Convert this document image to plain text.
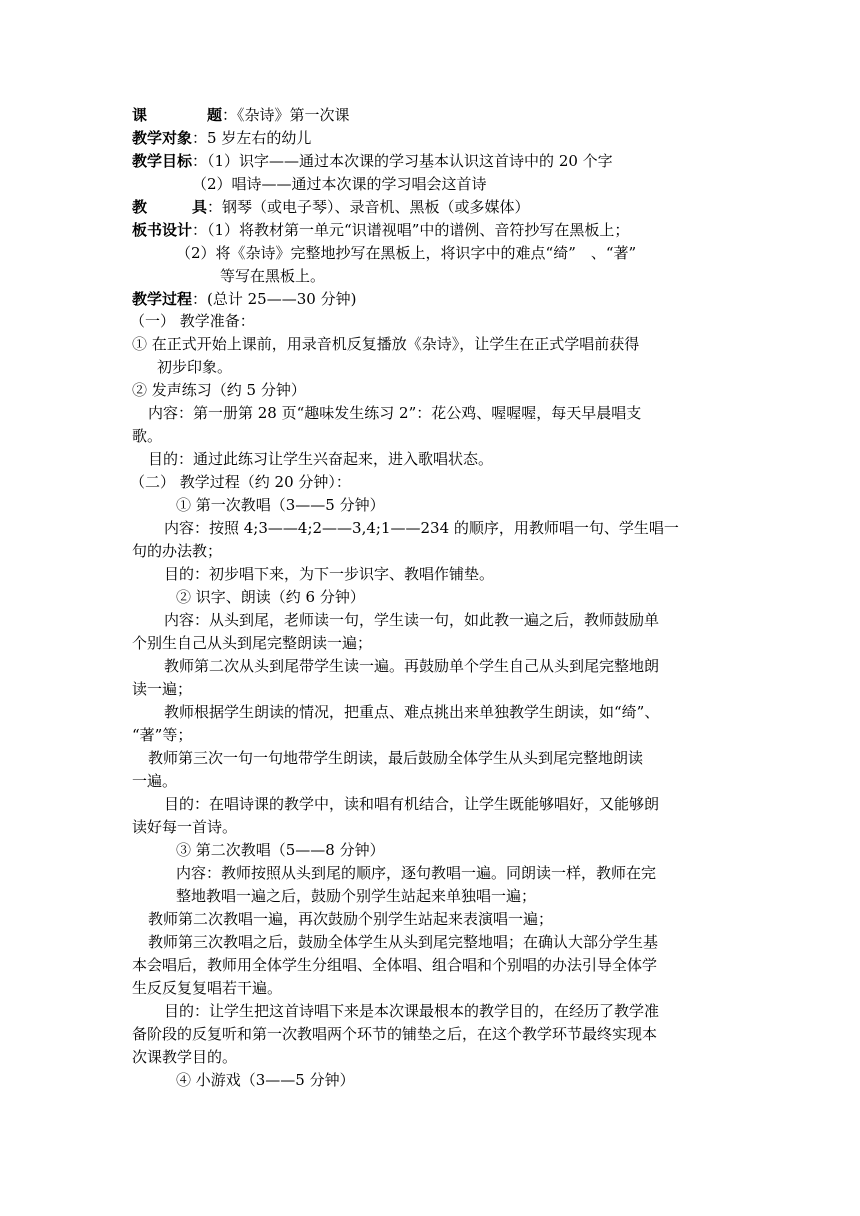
课	题：《杂诗》第一次课
教学对象：5 岁左右的幼儿
教学目标：（1）识字——通过本次课的学习基本认识这首诗中的 20 个字
（2）唱诗——通过本次课的学习唱会这首诗
教	具：钢琴（或电子琴）、录音机、黑板（或多媒体）
板书设计：（1）将教材第一单元“识谱视唱”中的谱例、音符抄写在黑板上；
（2）将《杂诗》完整地抄写在黑板上，将识字中的难点“绮”　、“著”
等写在黑板上。
教学过程：(总计 25——30 分钟)
（一） 教学准备：
① 在正式开始上课前，用录音机反复播放《杂诗》，让学生在正式学唱前获得
初步印象。
② 发声练习（约 5 分钟）
内容：第一册第 28 页“趣味发生练习 2”：花公鸡、喔喔喔，每天早晨唱支
歌。
目的：通过此练习让学生兴奋起来，进入歌唱状态。
（二） 教学过程（约 20 分钟）：
① 第一次教唱（3——5 分钟）
内容：按照 4;3——4;2——3,4;1——234 的顺序，用教师唱一句、学生唱一
句的办法教；
目的：初步唱下来，为下一步识字、教唱作铺垫。
② 识字、朗读（约 6 分钟）
内容：从头到尾，老师读一句，学生读一句，如此教一遍之后，教师鼓励单
个别生自己从头到尾完整朗读一遍；
教师第二次从头到尾带学生读一遍。再鼓励单个学生自己从头到尾完整地朗
读一遍；
教师根据学生朗读的情况，把重点、难点挑出来单独教学生朗读，如“绮”、
“著”等；
教师第三次一句一句地带学生朗读，最后鼓励全体学生从头到尾完整地朗读
一遍。
目的：在唱诗课的教学中，读和唱有机结合，让学生既能够唱好，又能够朗
读好每一首诗。
③ 第二次教唱（5——8 分钟）
内容：教师按照从头到尾的顺序，逐句教唱一遍。同朗读一样，教师在完
整地教唱一遍之后，鼓励个别学生站起来单独唱一遍；
教师第二次教唱一遍，再次鼓励个别学生站起来表演唱一遍；
教师第三次教唱之后，鼓励全体学生从头到尾完整地唱；在确认大部分学生基
本会唱后，教师用全体学生分组唱、全体唱、组合唱和个别唱的办法引导全体学
生反反复复唱若干遍。
目的：让学生把这首诗唱下来是本次课最根本的教学目的，在经历了教学准
备阶段的反复听和第一次教唱两个环节的铺垫之后，在这个教学环节最终实现本
次课教学目的。
④ 小游戏（3——5 分钟）
